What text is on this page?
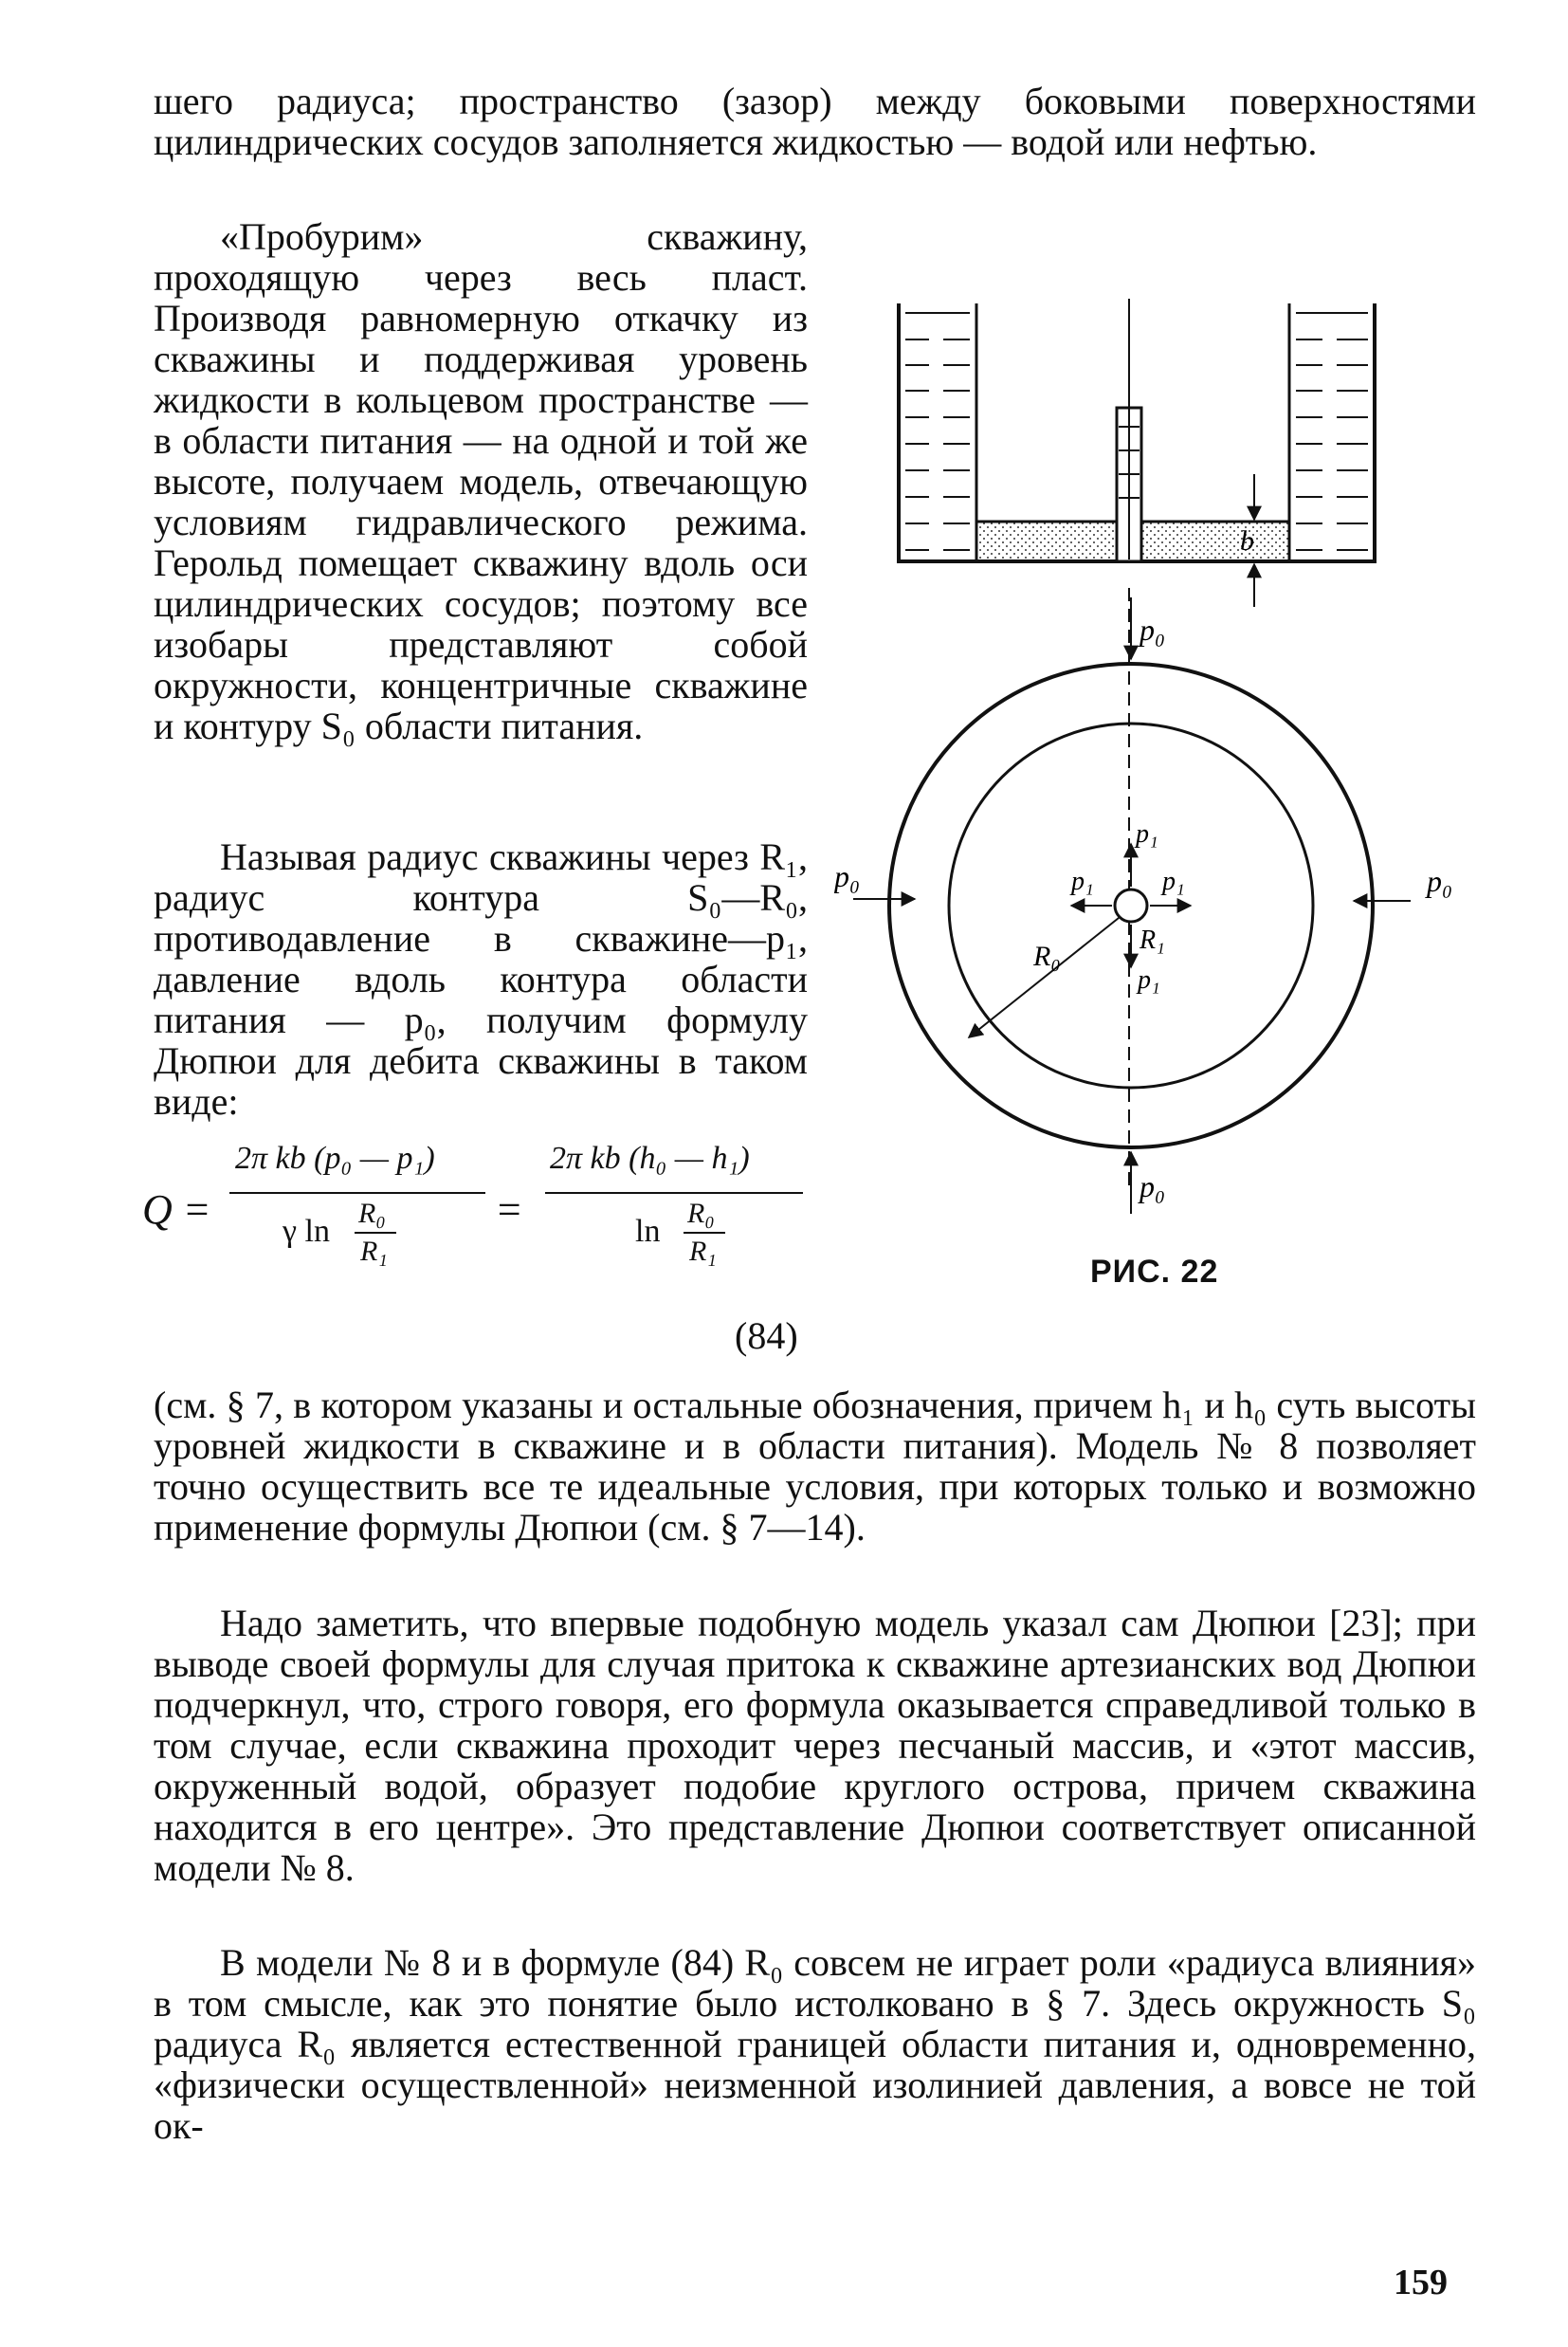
шего радиуса; пространство (зазор) между боковыми поверхностями цилиндрических сосудов заполняется жидкостью — водой или нефтью.

«Пробурим» скважину, проходящую через весь пласт. Производя равномерную откачку из скважины и поддерживая уровень жидкости в кольцевом пространстве — в области питания — на одной и той же высоте, получаем модель, отвечающую условиям гидравлического режима. Герольд помещает скважину вдоль оси цилиндрических сосудов; поэтому все изобары представляют собой окружности, концентричные скважине и контуру S₀ области питания.

Называя радиус скважины через R₁, радиус контура S₀—R₀, противодавление в скважине—p₁, давление вдоль контура области питания — p₀, получим формулу Дюпюи для дебита скважины в таком виде:

Q =
2π kb (p₀ — p₁)
γ ln
R₀
R₁
=
2π kb (h₀ — h₁)
ln
R₀
R₁
(84)
b
p₀
p₀
p₀	p₀
p₁
p₁	p₁
p₁
R₁
R₀
РИС. 22

(см. § 7, в котором указаны и остальные обозначения, причем h₁ и h₀ суть высоты уровней жидкости в скважине и в области питания). Модель № 8 позволяет точно осуществить все те идеальные условия, при которых только и возможно применение формулы Дюпюи (см. § 7—14).

Надо заметить, что впервые подобную модель указал сам Дюпюи [23]; при выводе своей формулы для случая притока к скважине артезианских вод Дюпюи подчеркнул, что, строго говоря, его формула оказывается справедливой только в том случае, если скважина проходит через песчаный массив, и «этот массив, окруженный водой, образует подобие круглого острова, причем скважина находится в его центре». Это представление Дюпюи соответствует описанной модели № 8.

В модели № 8 и в формуле (84) R₀ совсем не играет роли «радиуса влияния» в том смысле, как это понятие было истолковано в § 7. Здесь окружность S₀ радиуса R₀ является естественной границей области питания и, одновременно, «физически осуществленной» неизменной изолинией давления, а вовсе не той ок-

159
